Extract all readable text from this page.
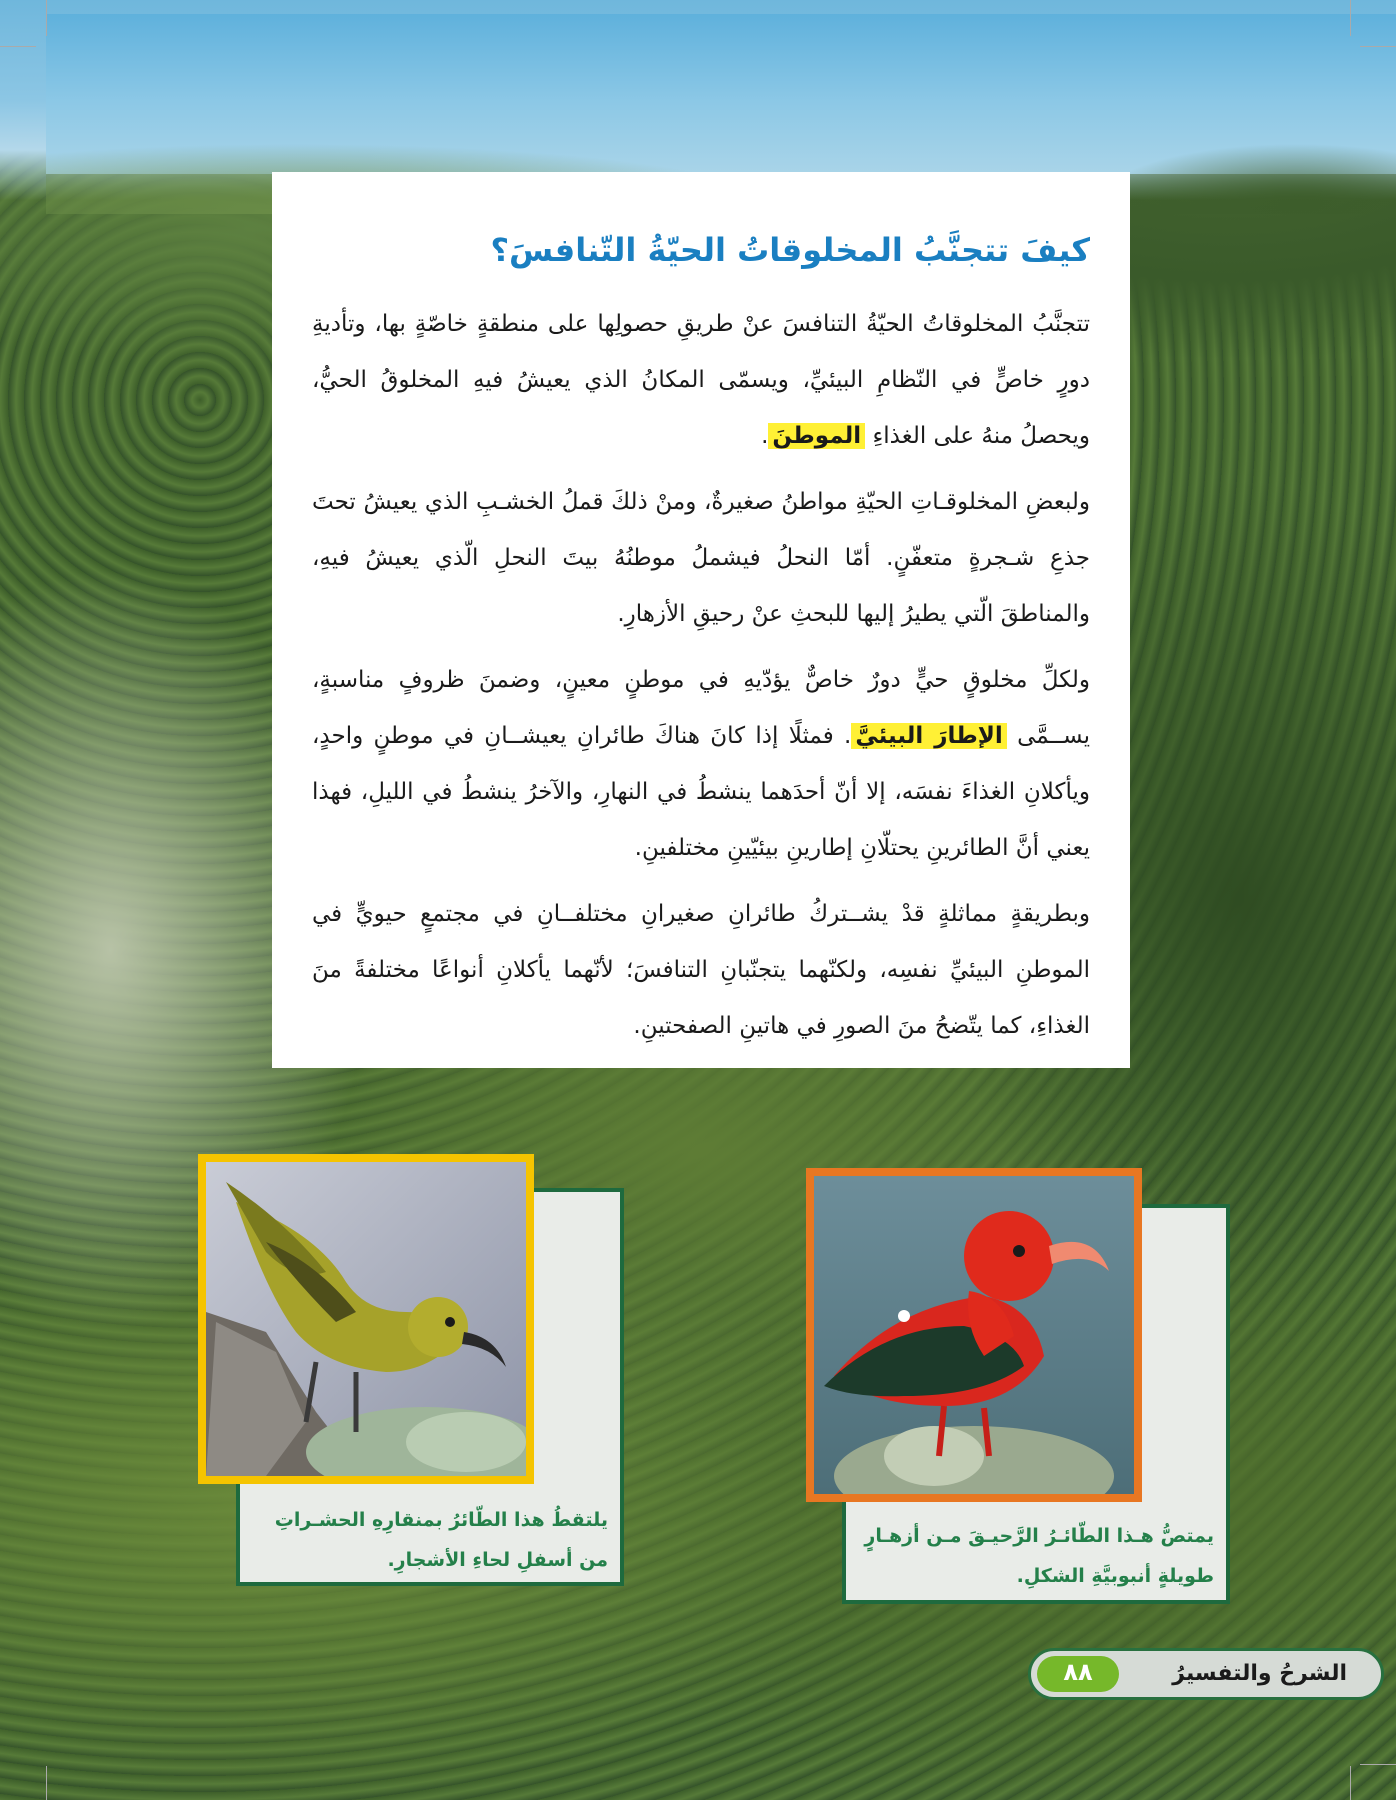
كيفَ تتجنَّبُ المخلوقاتُ الحيّةُ التّنافسَ؟

تتجنَّبُ المخلوقاتُ الحيّةُ التنافسَ عنْ طريقِ حصولِها على منطقةٍ خاصّةٍ بها، وتأديةِ دورٍ خاصٍّ في النّظامِ البيئيِّ، ويسمّى المكانُ الذي يعيشُ فيهِ المخلوقُ الحيُّ، ويحصلُ منهُ على الغذاءِ الموطنَ.

ولبعضِ المخلوقـاتِ الحيّةِ مواطنُ صغيرةٌ، ومنْ ذلكَ قملُ الخشـبِ الذي يعيشُ تحتَ جذعِ شـجرةٍ متعفّنٍ. أمّا النحلُ فيشملُ موطنُهُ بيتَ النحلِ الّذي يعيشُ فيهِ، والمناطقَ الّتي يطيرُ إليها للبحثِ عنْ رحيقِ الأزهارِ.

ولكلِّ مخلوقٍ حيٍّ دورٌ خاصٌّ يؤدّيهِ في موطنٍ معينٍ، وضمنَ ظروفٍ مناسبةٍ، يســمَّى الإطارَ البيئيَّ. فمثلًا إذا كانَ هناكَ طائرانِ يعيشــانِ في موطنٍ واحدٍ، ويأكلانِ الغذاءَ نفسَه، إلا أنّ أحدَهما ينشطُ في النهارِ، والآخرُ ينشطُ في الليلِ، فهذا يعني أنَّ الطائرينِ يحتلّانِ إطارينِ بيئيّينِ مختلفينِ.

وبطريقةٍ مماثلةٍ قدْ يشــتركُ طائرانِ صغيرانِ مختلفــانِ في مجتمعٍ حيويٍّ في الموطنِ البيئيِّ نفسِه، ولكنّهما يتجنّبانِ التنافسَ؛ لأنّهما يأكلانِ أنواعًا مختلفةً منَ الغذاءِ، كما يتّضحُ منَ الصورِ في هاتينِ الصفحتينِ.

يلتقطُ هذا الطّائرُ بمنقارِهِ الحشـراتِ من أسفلِ لحاءِ الأشجارِ.

يمتصُّ هـذا الطّائـرُ الرَّحيـقَ مـن أزهـارٍ طويلةٍ أنبوبيَّةِ الشكلِ.

٨٨	الشرحُ والتفسيرُ
